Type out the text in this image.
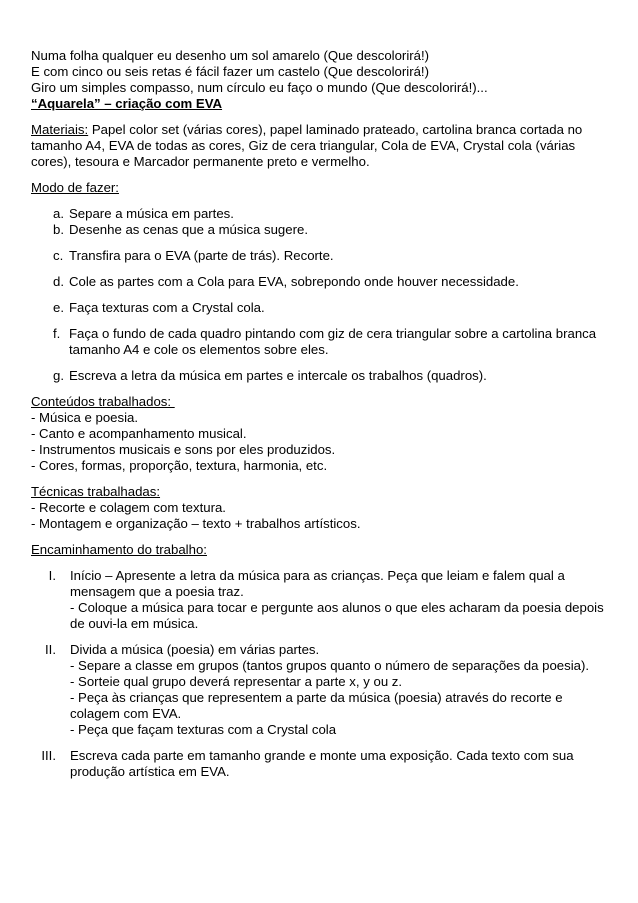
Numa folha qualquer eu desenho um sol amarelo (Que descolorirá!)

E com cinco ou seis retas é fácil fazer um castelo (Que descolorirá!)

Giro um simples compasso, num círculo eu faço o mundo (Que descolorirá!)...

“Aquarela” – criação com EVA

Materiais: Papel color set (várias cores), papel laminado prateado, cartolina branca cortada no tamanho A4, EVA de todas as cores, Giz de cera triangular, Cola de EVA, Crystal cola (várias cores), tesoura e Marcador permanente preto e vermelho.

Modo de fazer:

a. Separe a música em partes.
b. Desenhe as cenas que a música sugere.
c. Transfira para o EVA (parte de trás). Recorte.
d. Cole as partes com a Cola para EVA, sobrepondo onde houver necessidade.
e. Faça texturas com a Crystal cola.
f. Faça o fundo de cada quadro pintando com giz de cera triangular sobre a cartolina branca tamanho A4 e cole os elementos sobre eles.
g. Escreva a letra da música em partes e intercale os trabalhos (quadros).

Conteúdos trabalhados:

- Música e poesia.

- Canto e acompanhamento musical.

- Instrumentos musicais e sons por eles produzidos.

- Cores, formas, proporção, textura, harmonia, etc.

Técnicas trabalhadas:

- Recorte e colagem com textura.

- Montagem e organização – texto + trabalhos artísticos.

Encaminhamento do trabalho:

I. Início – Apresente a letra da música para as crianças. Peça que leiam e falem qual a mensagem que a poesia traz.
- Coloque a música para tocar e pergunte aos alunos o que eles acharam da poesia depois de ouvi-la em música.
II. Divida a música (poesia) em várias partes.
- Separe a classe em grupos (tantos grupos quanto o número de separações da poesia).
- Sorteie qual grupo deverá representar a parte x, y ou z.
- Peça às crianças que representem a parte da música (poesia) através do recorte e colagem com EVA.
- Peça que façam texturas com a Crystal cola
III. Escreva cada parte em tamanho grande e monte uma exposição. Cada texto com sua produção artística em EVA.
